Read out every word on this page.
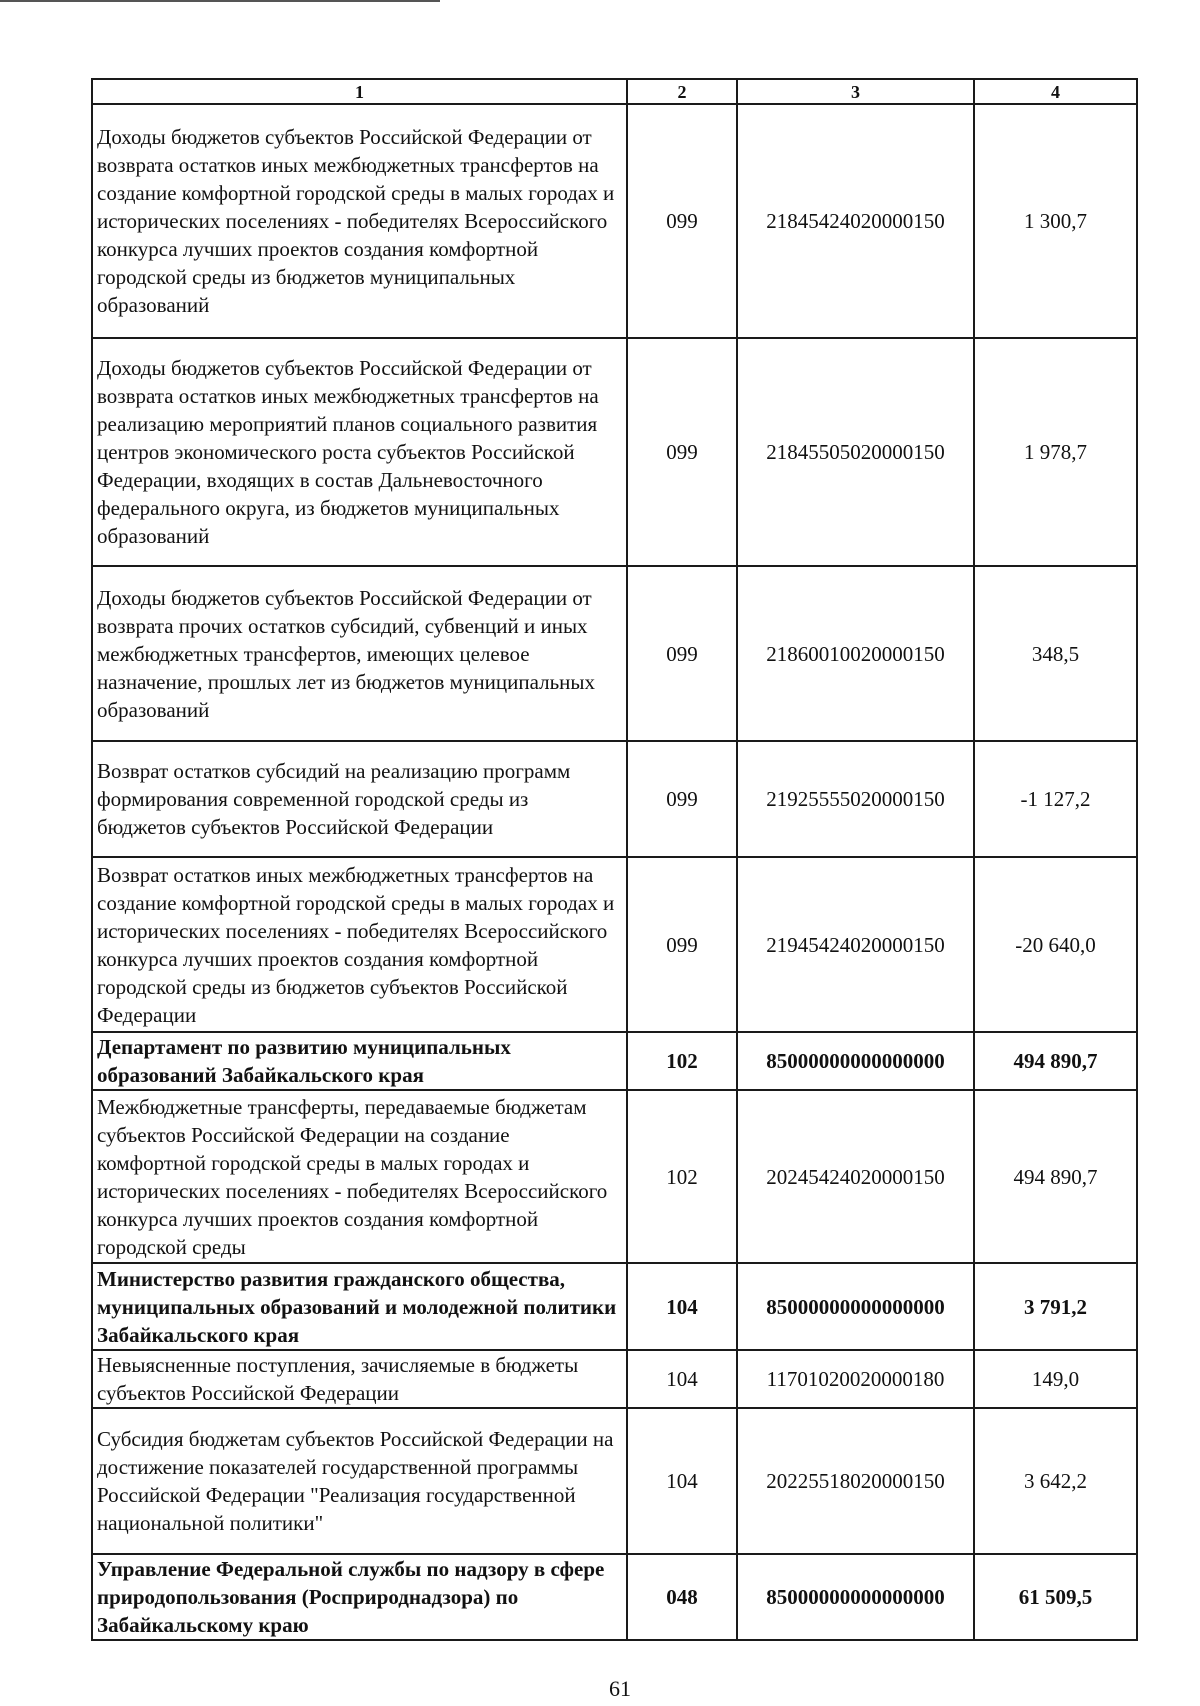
1	2	3	4
Доходы бюджетов субъектов Российской Федерации от возврата остатков иных межбюджетных трансфертов на создание комфортной городской среды в малых городах и исторических поселениях - победителях Всероссийского конкурса лучших проектов создания комфортной городской среды из бюджетов муниципальных образований	099	21845424020000150	1 300,7
Доходы бюджетов субъектов Российской Федерации от возврата остатков иных межбюджетных трансфертов на реализацию мероприятий планов социального развития центров экономического роста субъектов Российской Федерации, входящих в состав Дальневосточного федерального округа, из бюджетов муниципальных образований	099	21845505020000150	1 978,7
Доходы бюджетов субъектов Российской Федерации от возврата прочих остатков субсидий, субвенций и иных межбюджетных трансфертов, имеющих целевое назначение, прошлых лет из бюджетов муниципальных образований	099	21860010020000150	348,5
Возврат остатков субсидий на реализацию программ формирования современной городской среды из бюджетов субъектов Российской Федерации	099	21925555020000150	-1 127,2
Возврат остатков иных межбюджетных трансфертов на создание комфортной городской среды в малых городах и исторических поселениях - победителях Всероссийского конкурса лучших проектов создания комфортной городской среды из бюджетов субъектов Российской Федерации	099	21945424020000150	-20 640,0
Департамент по развитию муниципальных образований Забайкальского края	102	85000000000000000	494 890,7
Межбюджетные трансферты, передаваемые бюджетам субъектов Российской Федерации на создание комфортной городской среды в малых городах и исторических поселениях - победителях Всероссийского конкурса лучших проектов создания комфортной городской среды	102	20245424020000150	494 890,7
Министерство развития гражданского общества, муниципальных образований и молодежной политики Забайкальского края	104	85000000000000000	3 791,2
Невыясненные поступления, зачисляемые в бюджеты субъектов Российской Федерации	104	11701020020000180	149,0
Субсидия бюджетам субъектов Российской Федерации на достижение показателей государственной программы Российской Федерации "Реализация государственной национальной политики"	104	20225518020000150	3 642,2
Управление Федеральной службы по надзору в сфере природопользования (Росприроднадзора) по Забайкальскому краю	048	85000000000000000	61 509,5
61
